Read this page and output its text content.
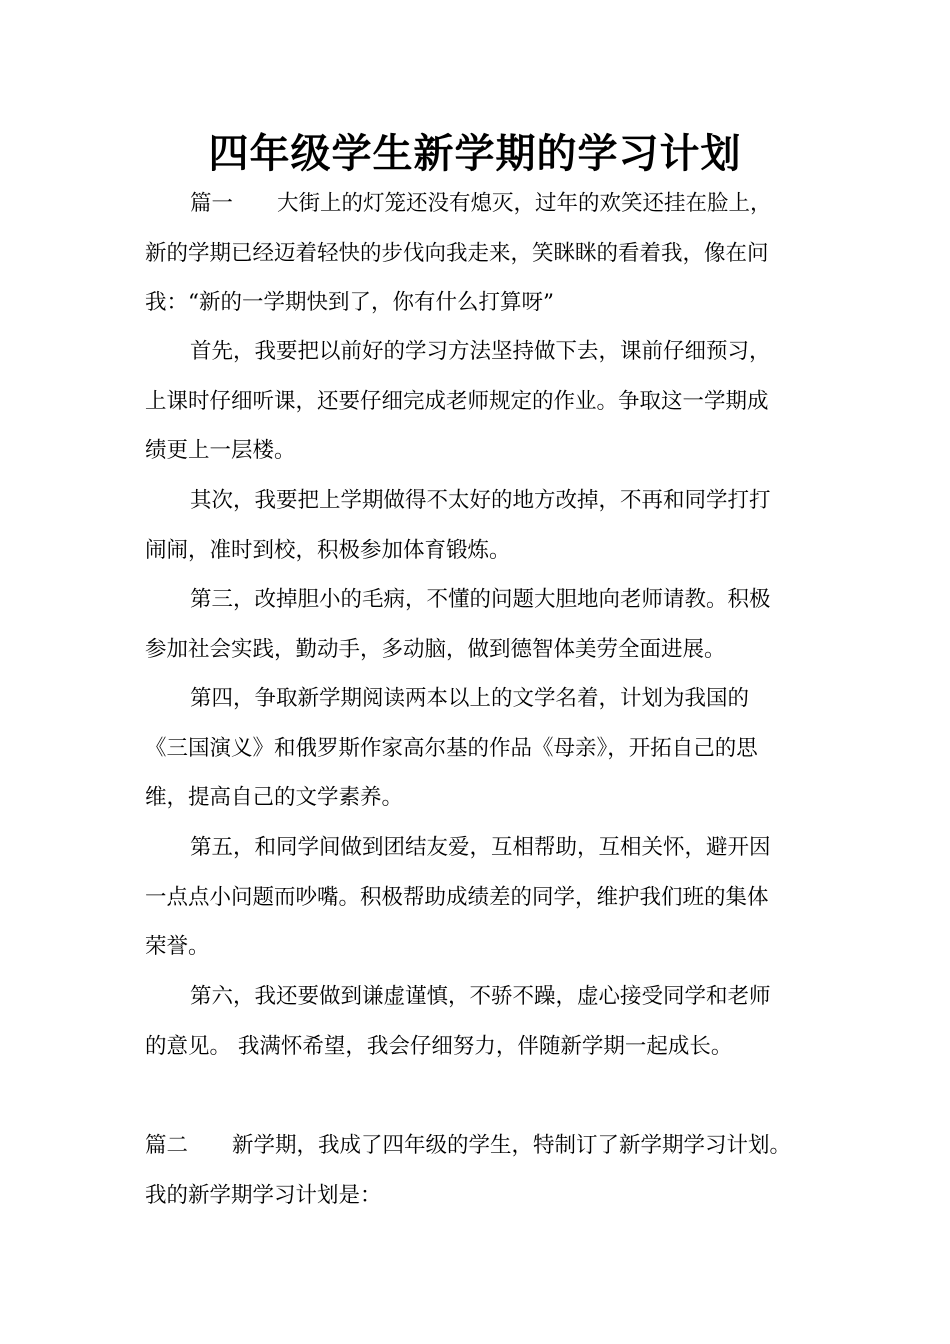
四年级学生新学期的学习计划

篇一 大街上的灯笼还没有熄灭，过年的欢笑还挂在脸上，
新的学期已经迈着轻快的步伐向我走来，笑眯眯的看着我，像在问
我：“新的一学期快到了，你有什么打算呀”

首先，我要把以前好的学习方法坚持做下去，课前仔细预习，
上课时仔细听课，还要仔细完成老师规定的作业。争取这一学期成
绩更上一层楼。

其次，我要把上学期做得不太好的地方改掉，不再和同学打打
闹闹，准时到校，积极参加体育锻炼。

第三，改掉胆小的毛病，不懂的问题大胆地向老师请教。积极
参加社会实践，勤动手，多动脑，做到德智体美劳全面进展。

第四，争取新学期阅读两本以上的文学名着，计划为我国的
《三国演义》和俄罗斯作家高尔基的作品《母亲》，开拓自己的思
维，提高自己的文学素养。

第五，和同学间做到团结友爱，互相帮助，互相关怀，避开因
一点点小问题而吵嘴。积极帮助成绩差的同学，维护我们班的集体
荣誉。

第六，我还要做到谦虚谨慎，不骄不躁，虚心接受同学和老师
的意见。 我满怀希望，我会仔细努力，伴随新学期一起成长。

篇二 新学期，我成了四年级的学生，特制订了新学期学习计划。
我的新学期学习计划是：
